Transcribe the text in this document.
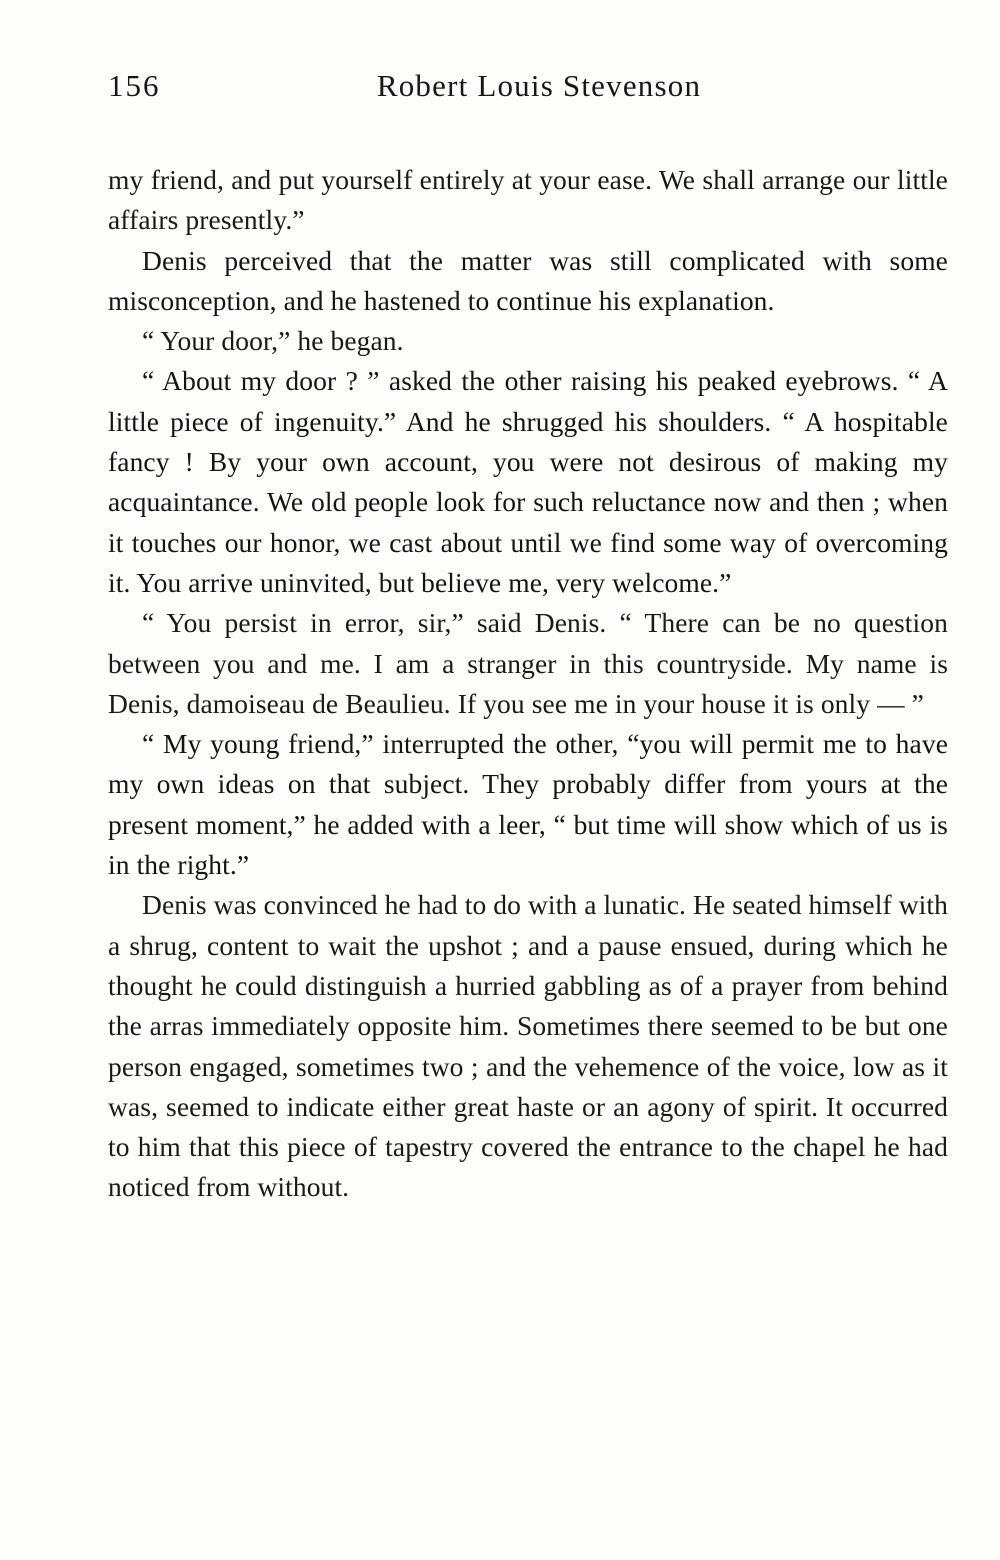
156	Robert Louis Stevenson

my friend, and put yourself entirely at your ease. We shall arrange our little affairs presently.”

Denis perceived that the matter was still complicated with some misconception, and he hastened to continue his explanation.

“ Your door,” he began.

“ About my door ? ” asked the other raising his peaked eyebrows. “ A little piece of ingenuity.” And he shrugged his shoulders. “ A hospitable fancy ! By your own account, you were not desirous of making my acquaintance. We old people look for such reluctance now and then ; when it touches our honor, we cast about until we find some way of overcoming it. You arrive uninvited, but believe me, very welcome.”

“ You persist in error, sir,” said Denis. “ There can be no question between you and me. I am a stranger in this countryside. My name is Denis, damoiseau de Beaulieu. If you see me in your house it is only — ”

“ My young friend,” interrupted the other, “you will permit me to have my own ideas on that subject. They probably differ from yours at the present moment,” he added with a leer, “ but time will show which of us is in the right.”

Denis was convinced he had to do with a lunatic. He seated himself with a shrug, content to wait the upshot ; and a pause ensued, during which he thought he could distinguish a hurried gabbling as of a prayer from behind the arras immediately opposite him. Sometimes there seemed to be but one person engaged, sometimes two ; and the vehemence of the voice, low as it was, seemed to indicate either great haste or an agony of spirit. It occurred to him that this piece of tapestry covered the entrance to the chapel he had noticed from without.
